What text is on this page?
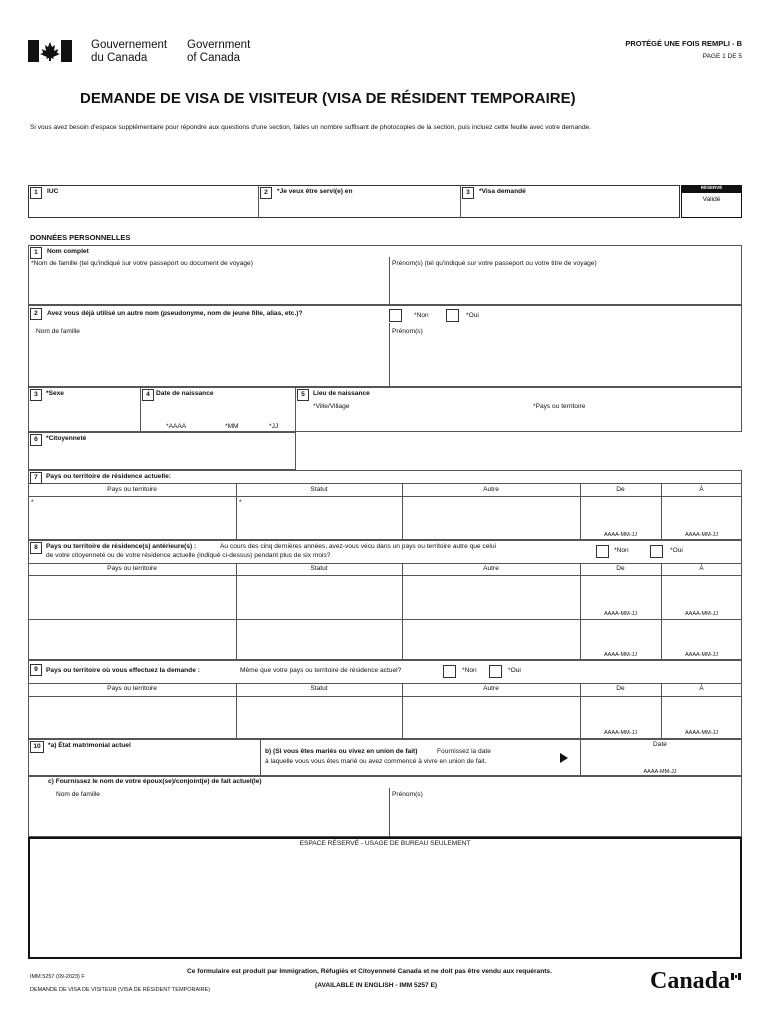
Gouvernement
du Canada
Government
of Canada
PROTÉGÉ UNE FOIS REMPLI - B
PAGE 1 DE 5
DEMANDE DE VISA DE VISITEUR (VISA DE RÉSIDENT TEMPORAIRE)
Si vous avez besoin d'espace supplémentaire pour répondre aux questions d'une section, faites un nombre suffisant de photocopies de la section, puis incluez cette feuille avec votre demande.
1	IUC	2	*Je veux être servi(e) en	3	*Visa demandé
RÉSERVÉ
Validé
DONNÉES PERSONNELLES
1	Nom complet
*Nom de famille (tel qu'indiqué sur votre passeport ou document de voyage)	Prénom(s) (tel qu'indiqué sur votre passeport ou votre titre de voyage)
2	Avez vous déjà utilisé un autre nom (pseudonyme, nom de jeune fille, alias, etc.)?	*Non	*Oui
Nom de famille	Prénom(s)
3	*Sexe	4 Date de naissance
*AAAA	*MM	*JJ
5	Lieu de naissance
*Ville/Village	*Pays ou territoire
6	*Citoyenneté
7	Pays ou territoire de résidence actuelle:
Pays ou territoire	Statut	Autre	De	À
*	*
AAAA-MM-JJ	AAAA-MM-JJ
8	Pays ou territoire de résidence(s) antérieure(s) :	Au cours des cinq dernières années, avez-vous vécu dans un pays ou territoire autre que celui
de votre citoyenneté ou de votre résidence actuelle (indiqué ci-dessus) pendant plus de six mois?
*Non	*Oui
Pays ou territoire	Statut	Autre	De	À
AAAA-MM-JJ	AAAA-MM-JJ
AAAA-MM-JJ	AAAA-MM-JJ
9	Pays ou territoire où vous effectuez la demande :	Même que votre pays ou territoire de résidence actuel?	*Non	*Oui
Pays ou territoire	Statut	Autre	De	À
AAAA-MM-JJ	AAAA-MM-JJ
10	*a) État matrimonial actuel
b) (Si vous êtes mariés ou vivez en union de fait)	Fournissez la date
à laquelle vous vous êtes marié ou avez commencé à vivre en union de fait.
Date
AAAA-MM-JJ
c) Fournissez le nom de votre époux(se)/conjoint(e) de fait actuel(le)
Nom de famille	Prénom(s)
ESPACE RÉSERVÉ - USAGE DE BUREAU SEULEMENT
IMM 5257 (09-2023) F
DEMANDE DE VISA DE VISITEUR (VISA DE RÉSIDENT TEMPORAIRE)
Ce formulaire est produit par Immigration, Réfugiés et Citoyenneté Canada et ne doit pas être vendu aux requérants.
(AVAILABLE IN ENGLISH - IMM 5257 E)	Canada
